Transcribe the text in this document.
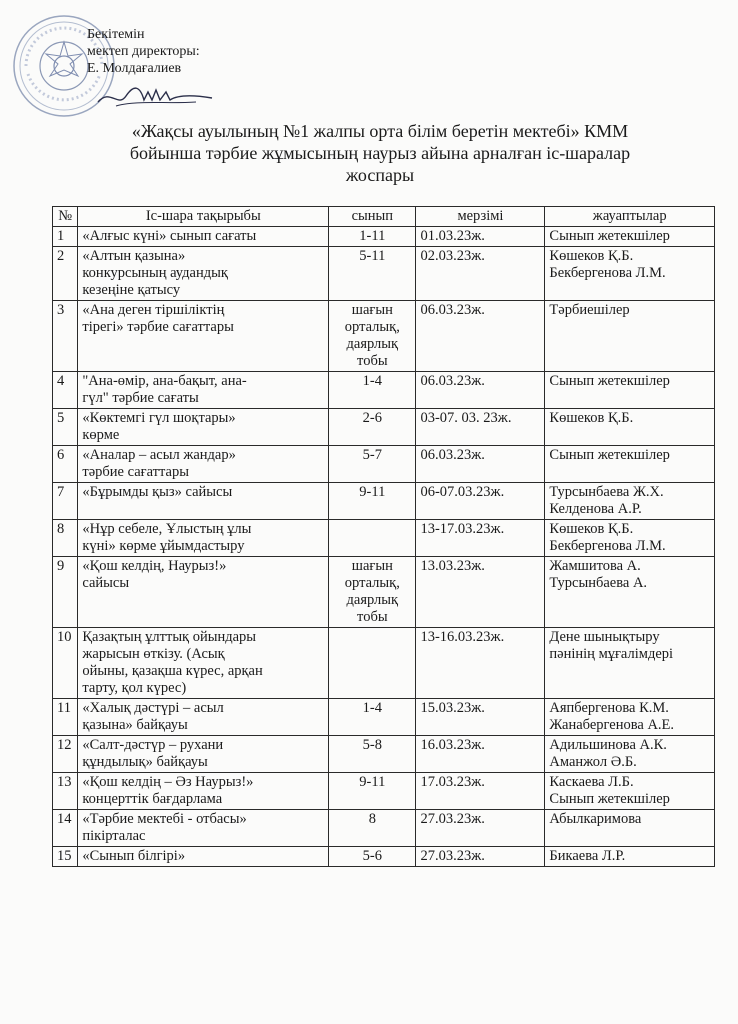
Бекітемін
мектеп директоры:
Е. Молдағалиев
«Жақсы ауылының №1 жалпы орта білім беретін мектебі» КММ
бойынша тәрбие жұмысының наурыз айына арналған іс-шаралар
жоспары
№	Іс-шара тақырыбы	сынып	мерзімі	жауаптылар
1	«Алғыс күні» сынып сағаты	1-11	01.03.23ж.	Сынып жетекшілер
2	«Алтын қазына»
конкурсының аудандық
кезеңіне қатысу	5-11	02.03.23ж.	Көшеков Қ.Б.
Бекбергенова Л.М.
3	«Ана деген тіршіліктің
тірегі» тәрбие сағаттары	шағын
орталық,
даярлық
тобы	06.03.23ж.	Тәрбиешілер
4	"Ана-өмір, ана-бақыт, ана-
гүл" тәрбие сағаты	1-4	06.03.23ж.	Сынып жетекшілер
5	«Көктемгі гүл шоқтары»
көрме	2-6	03-07. 03. 23ж.	Көшеков Қ.Б.
6	«Аналар – асыл жандар»
тәрбие сағаттары	5-7	06.03.23ж.	Сынып жетекшілер
7	«Бұрымды қыз» сайысы	9-11	06-07.03.23ж.	Турсынбаева Ж.Х.
Келденова А.Р.
8	«Нұр себеле, Ұлыстың ұлы
күні» көрме ұйымдастыру		13-17.03.23ж.	Көшеков Қ.Б.
Бекбергенова Л.М.
9	«Қош келдің, Наурыз!»
сайысы	шағын
орталық,
даярлық
тобы	13.03.23ж.	Жамшитова А.
Турсынбаева А.
10	Қазақтың ұлттық ойындары
жарысын өткізу. (Асық
ойыны, қазақша күрес, арқан
тарту, қол күрес)		13-16.03.23ж.	Дене шынықтыру
пәнінің мұғалімдері
11	«Халық дәстүрі – асыл
қазына» байқауы	1-4	15.03.23ж.	Аяпбергенова К.М.
Жанабергенова А.Е.
12	«Салт-дәстүр – рухани
құндылық» байқауы	5-8	16.03.23ж.	Адильшинова А.К.
Аманжол Ә.Б.
13	«Қош келдің – Әз Наурыз!»
концерттік бағдарлама	9-11	17.03.23ж.	Каскаева Л.Б.
Сынып жетекшілер
14	«Тәрбие мектебі - отбасы»
пікірталас	8	27.03.23ж.	Абылкаримова
15	«Сынып білгірі»	5-6	27.03.23ж.	Бикаева Л.Р.
